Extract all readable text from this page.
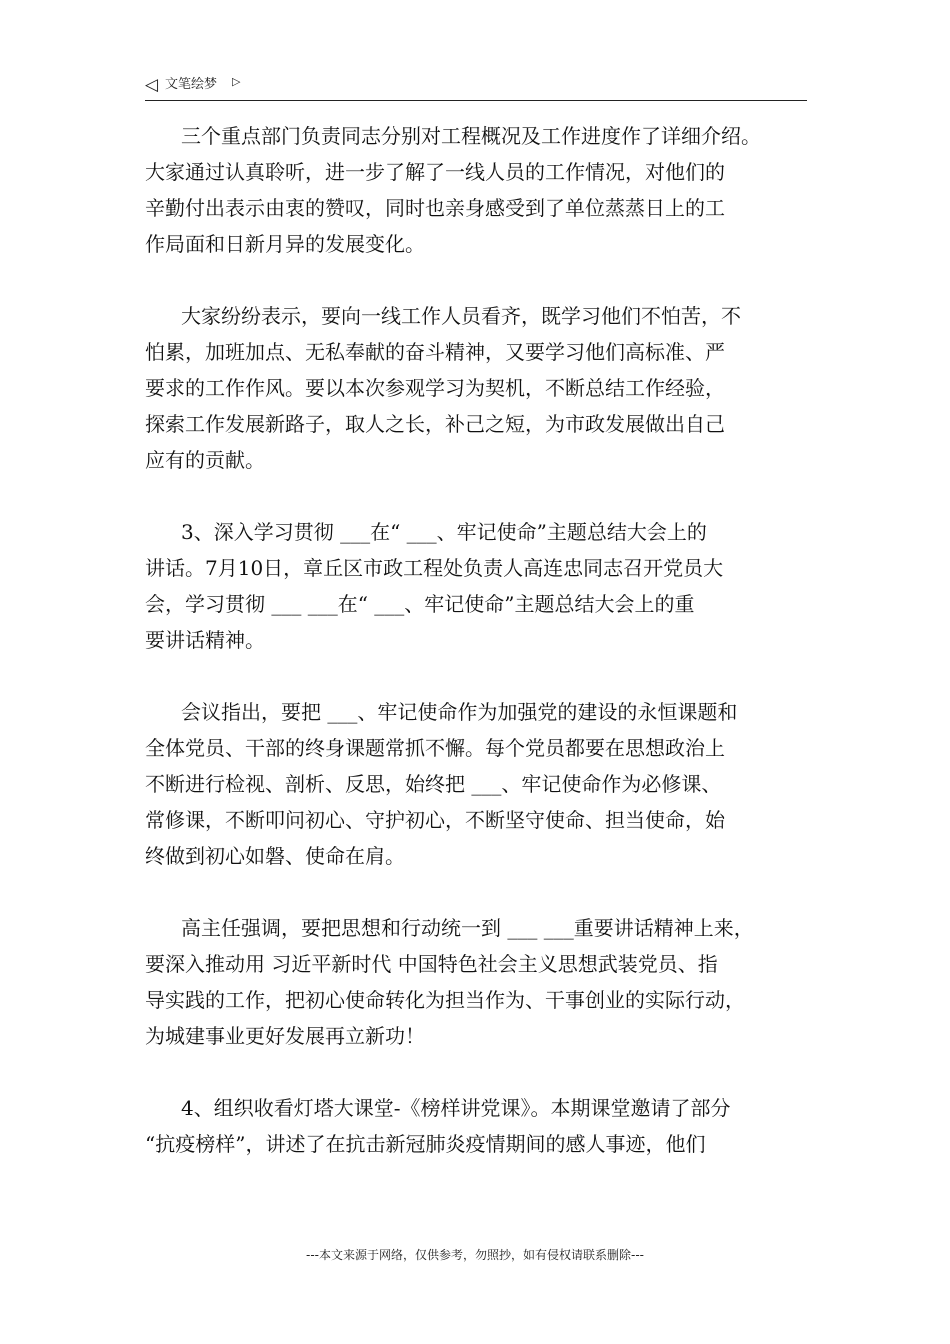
◁ 文笔绘梦 ▷
三个重点部门负责同志分别对工程概况及工作进度作了详细介绍。
大家通过认真聆听，进一步了解了一线人员的工作情况，对他们的
辛勤付出表示由衷的赞叹，同时也亲身感受到了单位蒸蒸日上的工
作局面和日新月异的发展变化。
大家纷纷表示，要向一线工作人员看齐，既学习他们不怕苦，不
怕累，加班加点、无私奉献的奋斗精神，又要学习他们高标准、严
要求的工作作风。要以本次参观学习为契机，不断总结工作经验，
探索工作发展新路子，取人之长，补己之短，为市政发展做出自己
应有的贡献。
3、深入学习贯彻 ___在“ ___、牢记使命”主题总结大会上的
讲话。7月10日，章丘区市政工程处负责人高连忠同志召开党员大
会，学习贯彻 ___ ___在“ ___、牢记使命”主题总结大会上的重
要讲话精神。
会议指出，要把 ___、牢记使命作为加强党的建设的永恒课题和
全体党员、干部的终身课题常抓不懈。每个党员都要在思想政治上
不断进行检视、剖析、反思，始终把 ___、牢记使命作为必修课、
常修课，不断叩问初心、守护初心，不断坚守使命、担当使命，始
终做到初心如磐、使命在肩。
高主任强调，要把思想和行动统一到 ___ ___重要讲话精神上来，
要深入推动用 习近平新时代 中国特色社会主义思想武装党员、指
导实践的工作，把初心使命转化为担当作为、干事创业的实际行动，
为城建事业更好发展再立新功！
4、组织收看灯塔大课堂-《榜样讲党课》。本期课堂邀请了部分
“抗疫榜样”，讲述了在抗击新冠肺炎疫情期间的感人事迹，他们
---本文来源于网络，仅供参考，勿照抄，如有侵权请联系删除---
